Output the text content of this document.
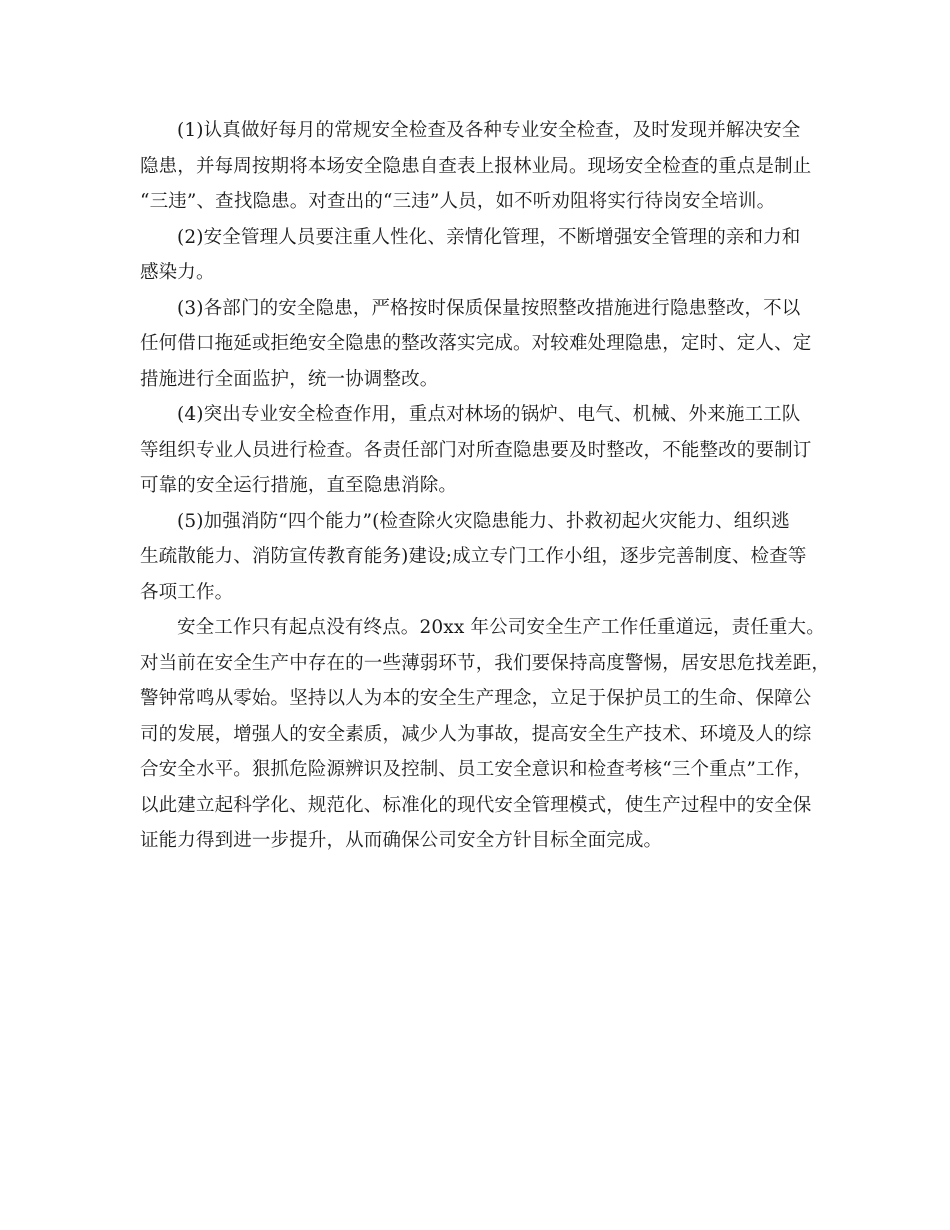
(1)认真做好每月的常规安全检查及各种专业安全检查，及时发现并解决安全
隐患，并每周按期将本场安全隐患自查表上报林业局。现场安全检查的重点是制止
“三违”、查找隐患。对查出的“三违”人员，如不听劝阻将实行待岗安全培训。

(2)安全管理人员要注重人性化、亲情化管理，不断增强安全管理的亲和力和
感染力。

(3)各部门的安全隐患，严格按时保质保量按照整改措施进行隐患整改，不以
任何借口拖延或拒绝安全隐患的整改落实完成。对较难处理隐患，定时、定人、定
措施进行全面监护，统一协调整改。

(4)突出专业安全检查作用，重点对林场的锅炉、电气、机械、外来施工工队
等组织专业人员进行检查。各责任部门对所查隐患要及时整改，不能整改的要制订
可靠的安全运行措施，直至隐患消除。

(5)加强消防“四个能力”(检查除火灾隐患能力、扑救初起火灾能力、组织逃
生疏散能力、消防宣传教育能务)建设;成立专门工作小组，逐步完善制度、检查等
各项工作。

安全工作只有起点没有终点。20xx 年公司安全生产工作任重道远，责任重大。
对当前在安全生产中存在的一些薄弱环节，我们要保持高度警惕，居安思危找差距，
警钟常鸣从零始。坚持以人为本的安全生产理念，立足于保护员工的生命、保障公
司的发展，增强人的安全素质，减少人为事故，提高安全生产技术、环境及人的综
合安全水平。狠抓危险源辨识及控制、员工安全意识和检查考核“三个重点”工作，
以此建立起科学化、规范化、标准化的现代安全管理模式，使生产过程中的安全保
证能力得到进一步提升，从而确保公司安全方针目标全面完成。
